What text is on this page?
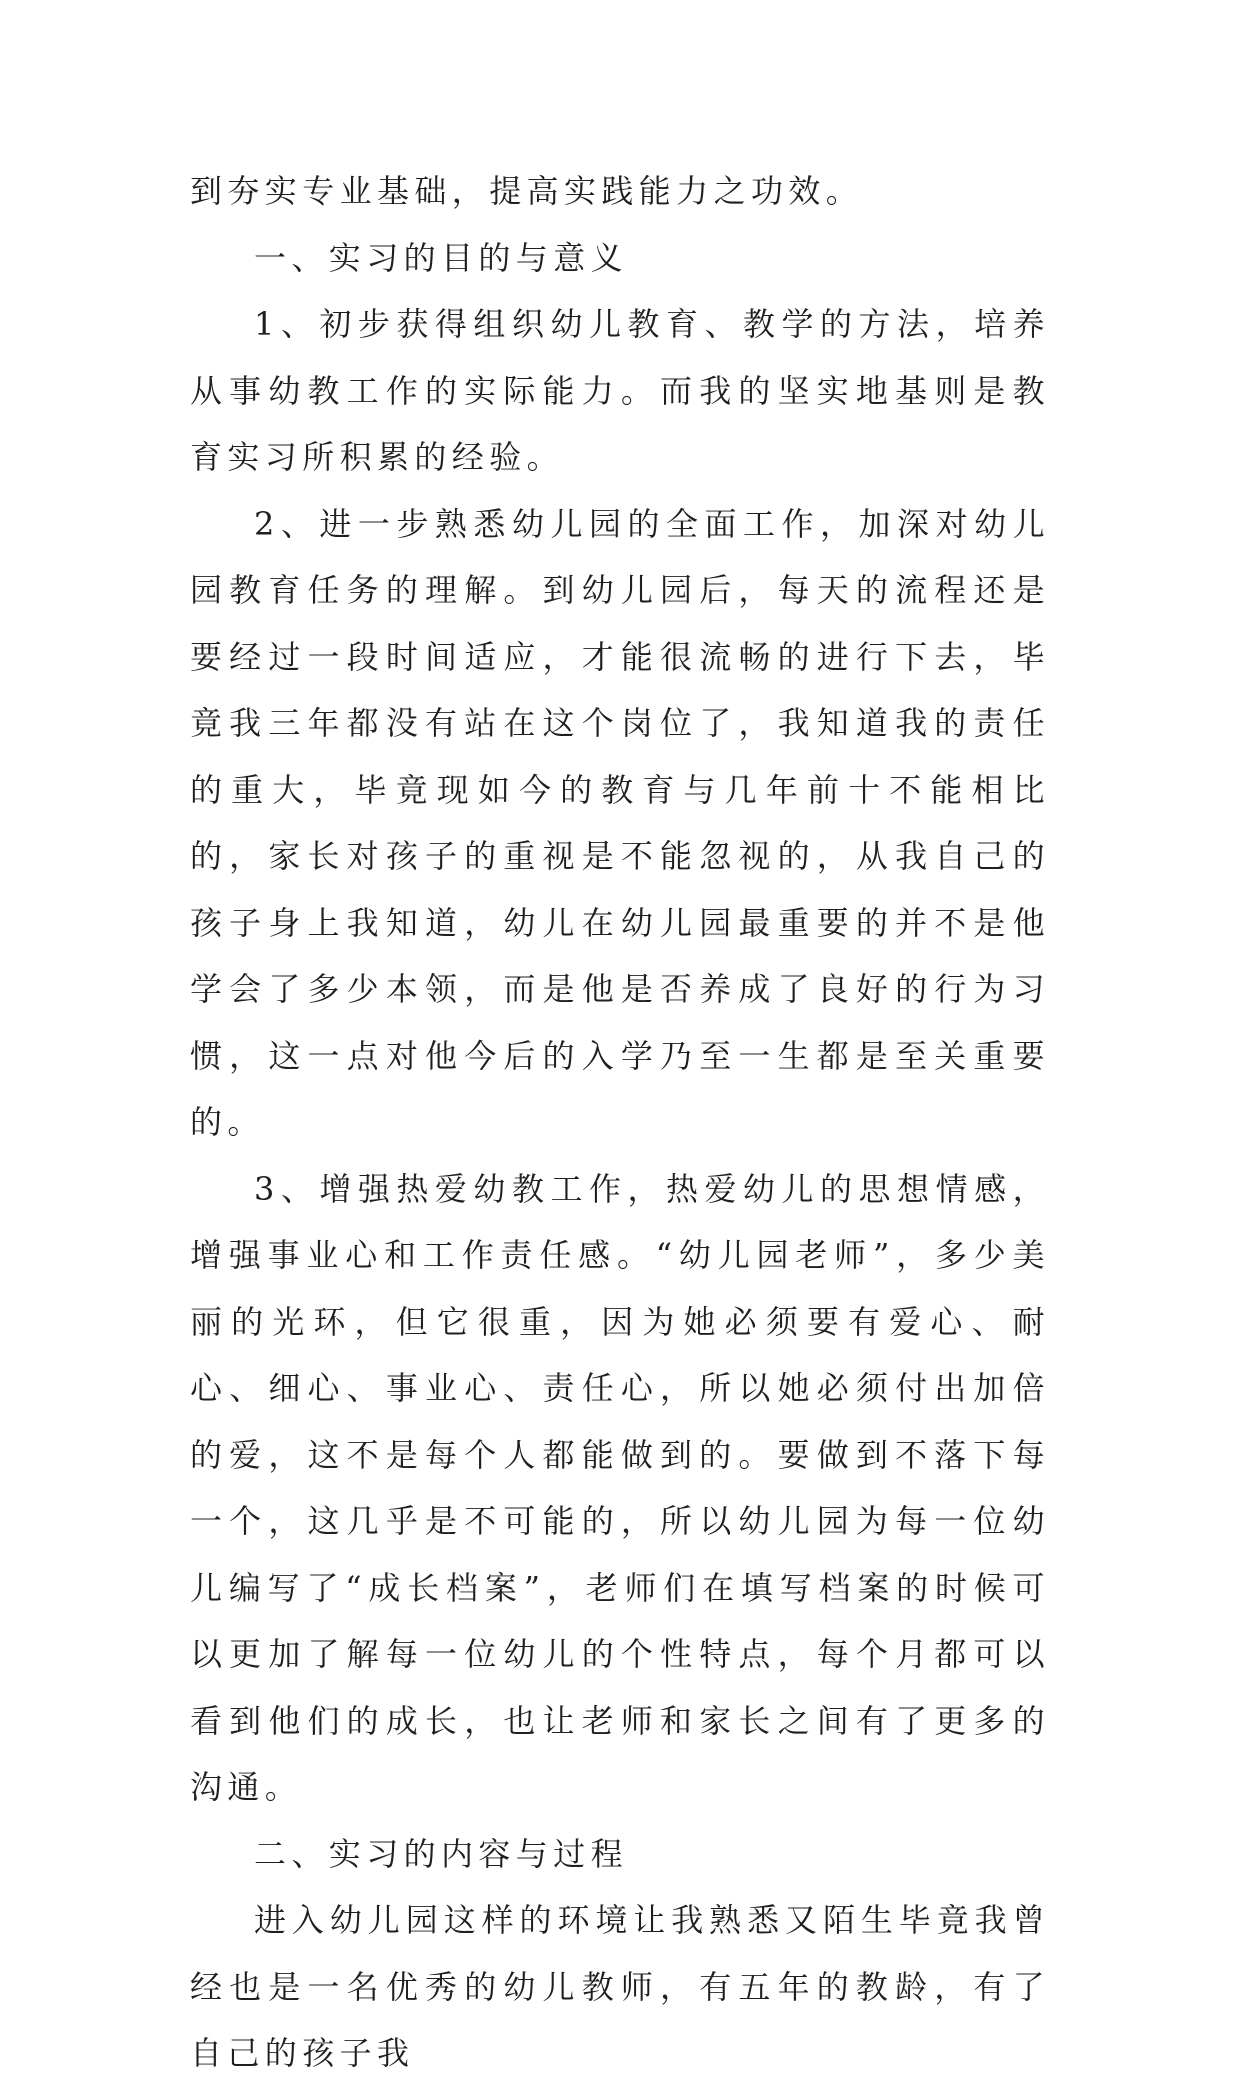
到夯实专业基础，提高实践能力之功效。

一、实习的目的与意义

1、初步获得组织幼儿教育、教学的方法，培养从事幼教工作的实际能力。而我的坚实地基则是教育实习所积累的经验。

2、进一步熟悉幼儿园的全面工作，加深对幼儿园教育任务的理解。到幼儿园后，每天的流程还是要经过一段时间适应，才能很流畅的进行下去，毕竟我三年都没有站在这个岗位了，我知道我的责任的重大，毕竟现如今的教育与几年前十不能相比的，家长对孩子的重视是不能忽视的，从我自己的孩子身上我知道，幼儿在幼儿园最重要的并不是他学会了多少本领，而是他是否养成了良好的行为习惯，这一点对他今后的入学乃至一生都是至关重要的。

3、增强热爱幼教工作，热爱幼儿的思想情感，增强事业心和工作责任感。“幼儿园老师”，多少美丽的光环，但它很重，因为她必须要有爱心、耐心、细心、事业心、责任心，所以她必须付出加倍的爱，这不是每个人都能做到的。要做到不落下每一个，这几乎是不可能的，所以幼儿园为每一位幼儿编写了“成长档案”，老师们在填写档案的时候可以更加了解每一位幼儿的个性特点，每个月都可以看到他们的成长，也让老师和家长之间有了更多的沟通。

二、实习的内容与过程

进入幼儿园这样的环境让我熟悉又陌生毕竟我曾经也是一名优秀的幼儿教师，有五年的教龄，有了自己的孩子我
